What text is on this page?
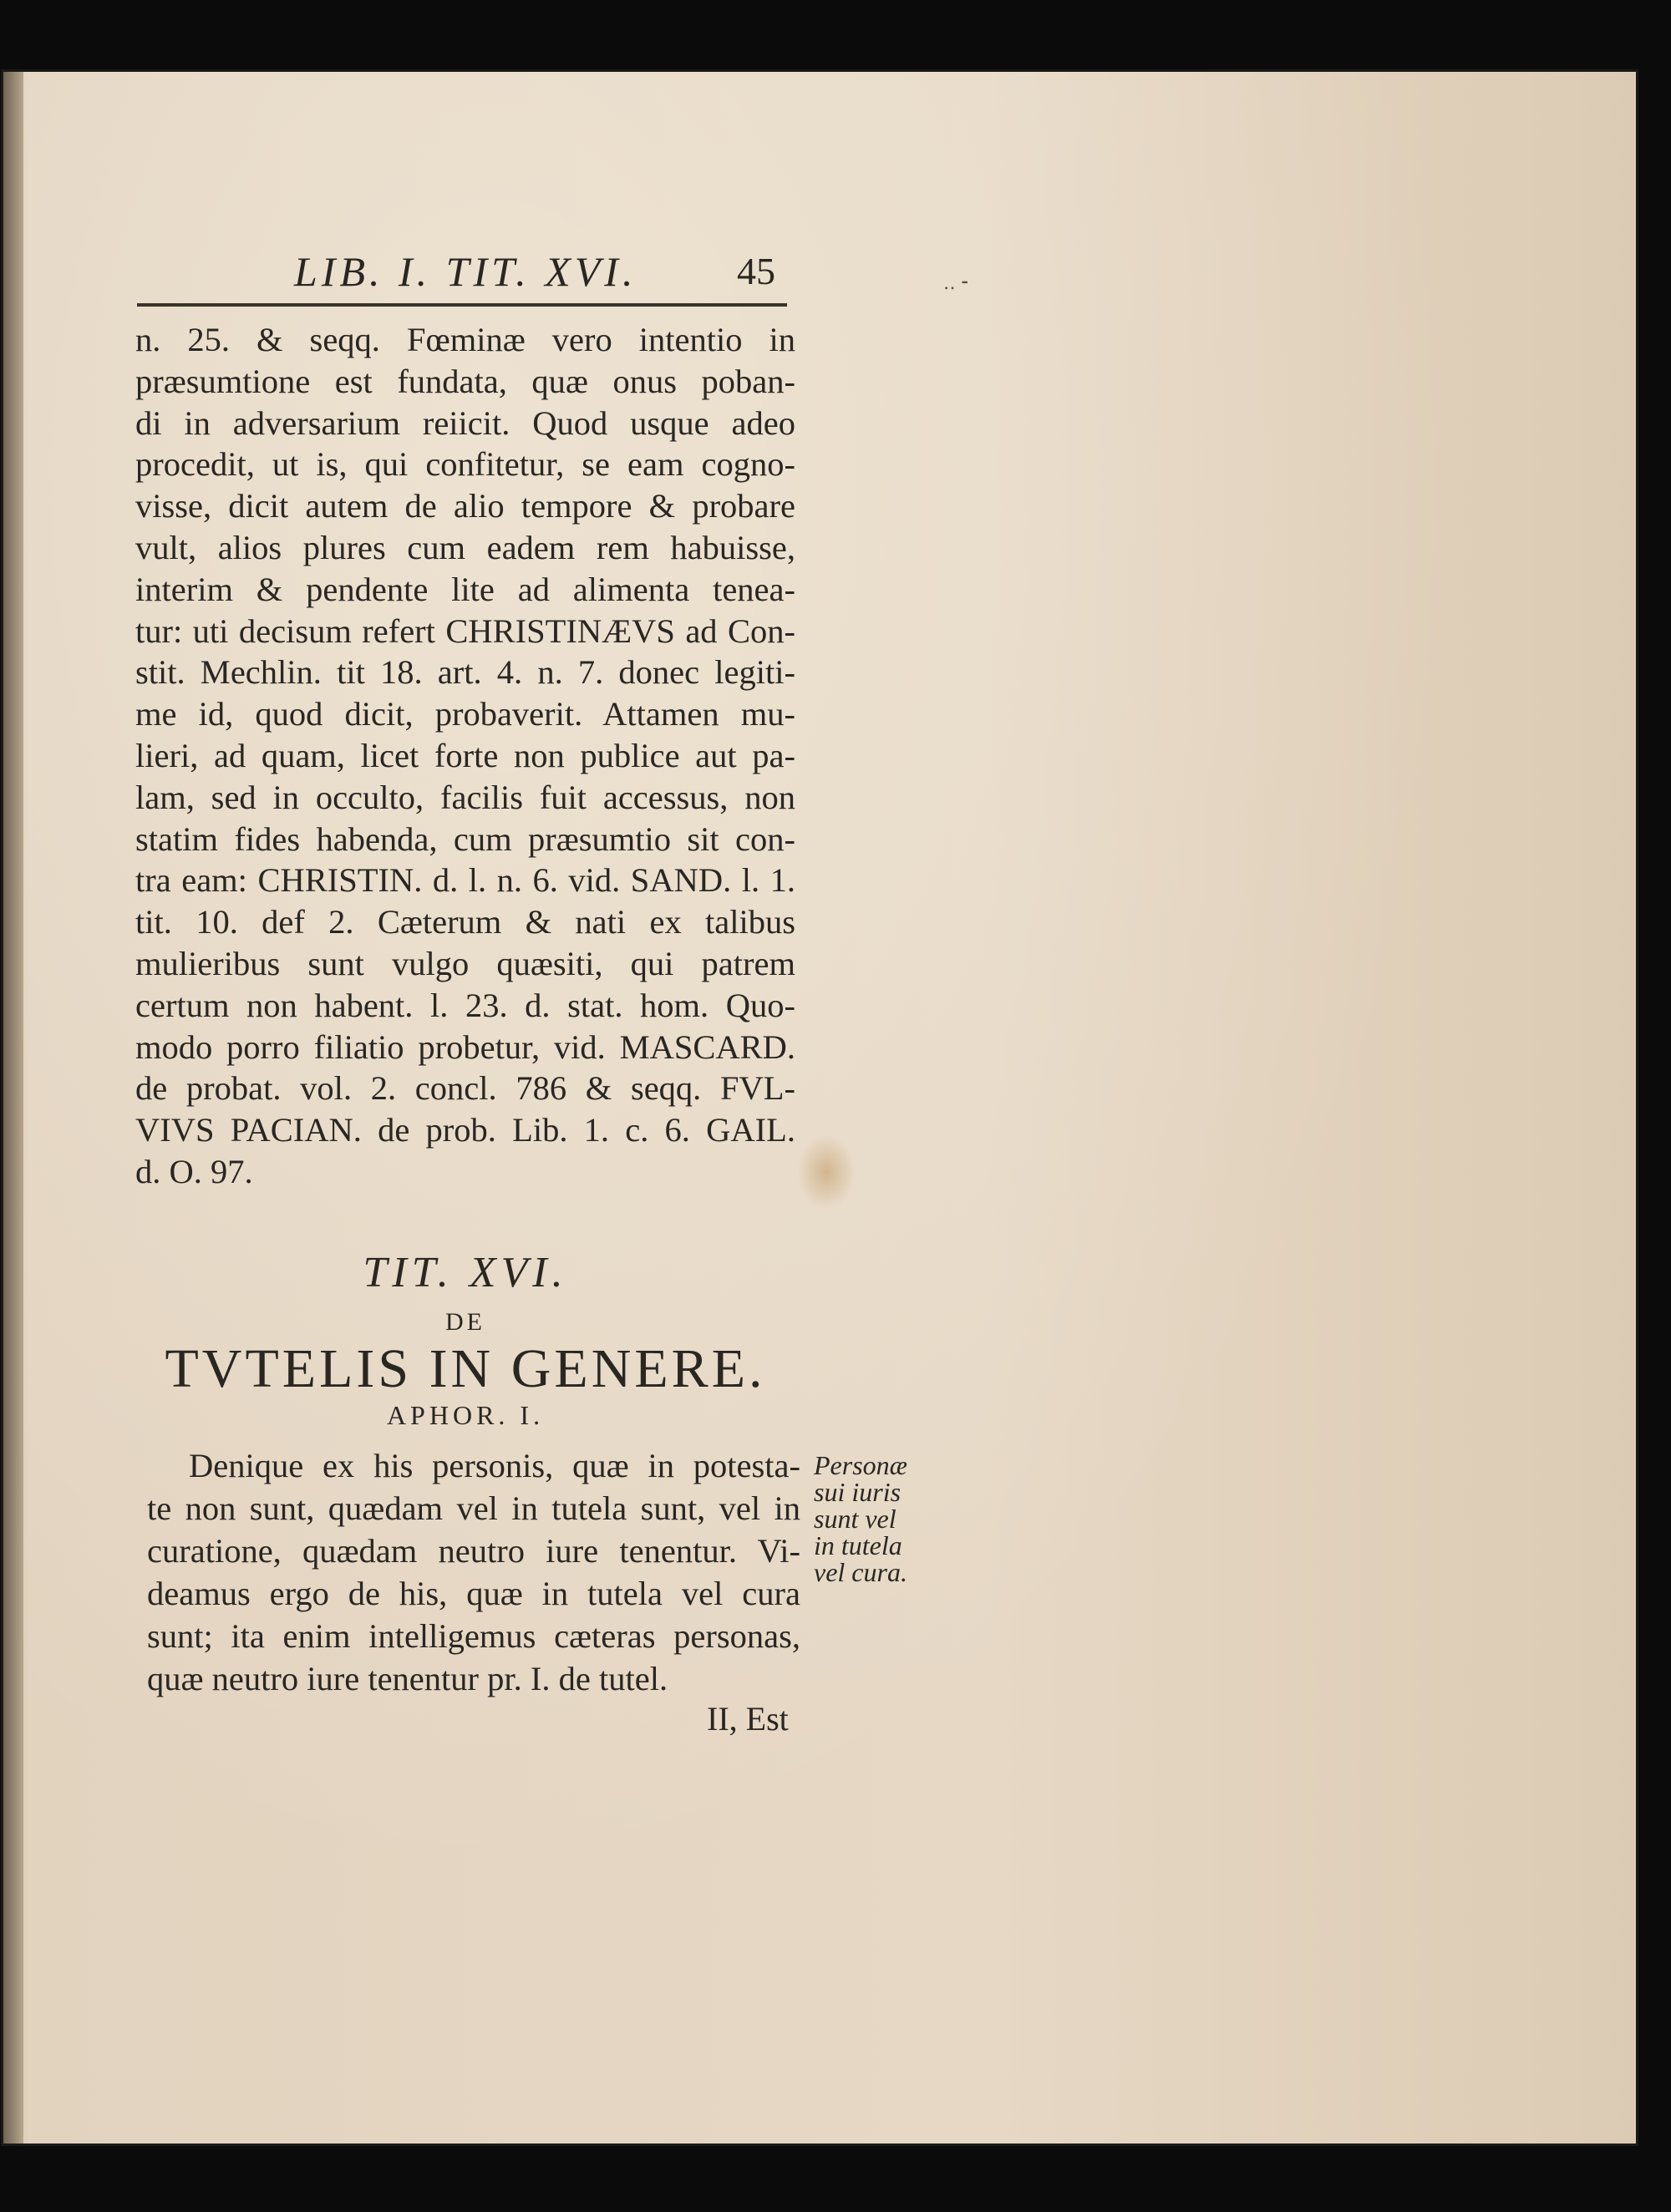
LIB. I. TIT. XVI.	45	‥ ⁃
n. 25. & seqq. Fœminæ vero intentio in
præsumtione est fundata, quæ onus poban-
di in adversarium reiicit. Quod usque adeo
procedit, ut is, qui confitetur, se eam cogno-
visse, dicit autem de alio tempore & probare
vult, alios plures cum eadem rem habuisse,
interim & pendente lite ad alimenta tenea-
tur: uti decisum refert CHRISTINÆVS ad Con-
stit. Mechlin. tit 18. art. 4. n. 7. donec legiti-
me id, quod dicit, probaverit. Attamen mu-
lieri, ad quam, licet forte non publice aut pa-
lam, sed in occulto, facilis fuit accessus, non
statim fides habenda, cum præsumtio sit con-
tra eam: CHRISTIN. d. l. n. 6. vid. SAND. l. 1.
tit. 10. def 2. Cæterum & nati ex talibus
mulieribus sunt vulgo quæsiti, qui patrem
certum non habent. l. 23. d. stat. hom. Quo-
modo porro filiatio probetur, vid. MASCARD.
de probat. vol. 2. concl. 786 & seqq. FVL-
VIVS PACIAN. de prob. Lib. 1. c. 6. GAIL.
d. O. 97.
TIT. XVI.
DE
TVTELIS IN GENERE.
APHOR. I.
Denique ex his personis, quæ in potesta-
te non sunt, quædam vel in tutela sunt, vel in
curatione, quædam neutro iure tenentur. Vi-
deamus ergo de his, quæ in tutela vel cura
sunt; ita enim intelligemus cæteras personas,
quæ neutro iure tenentur pr. I. de tutel.
II, Est
Personæ
sui iuris
sunt vel
in tutela
vel cura.
